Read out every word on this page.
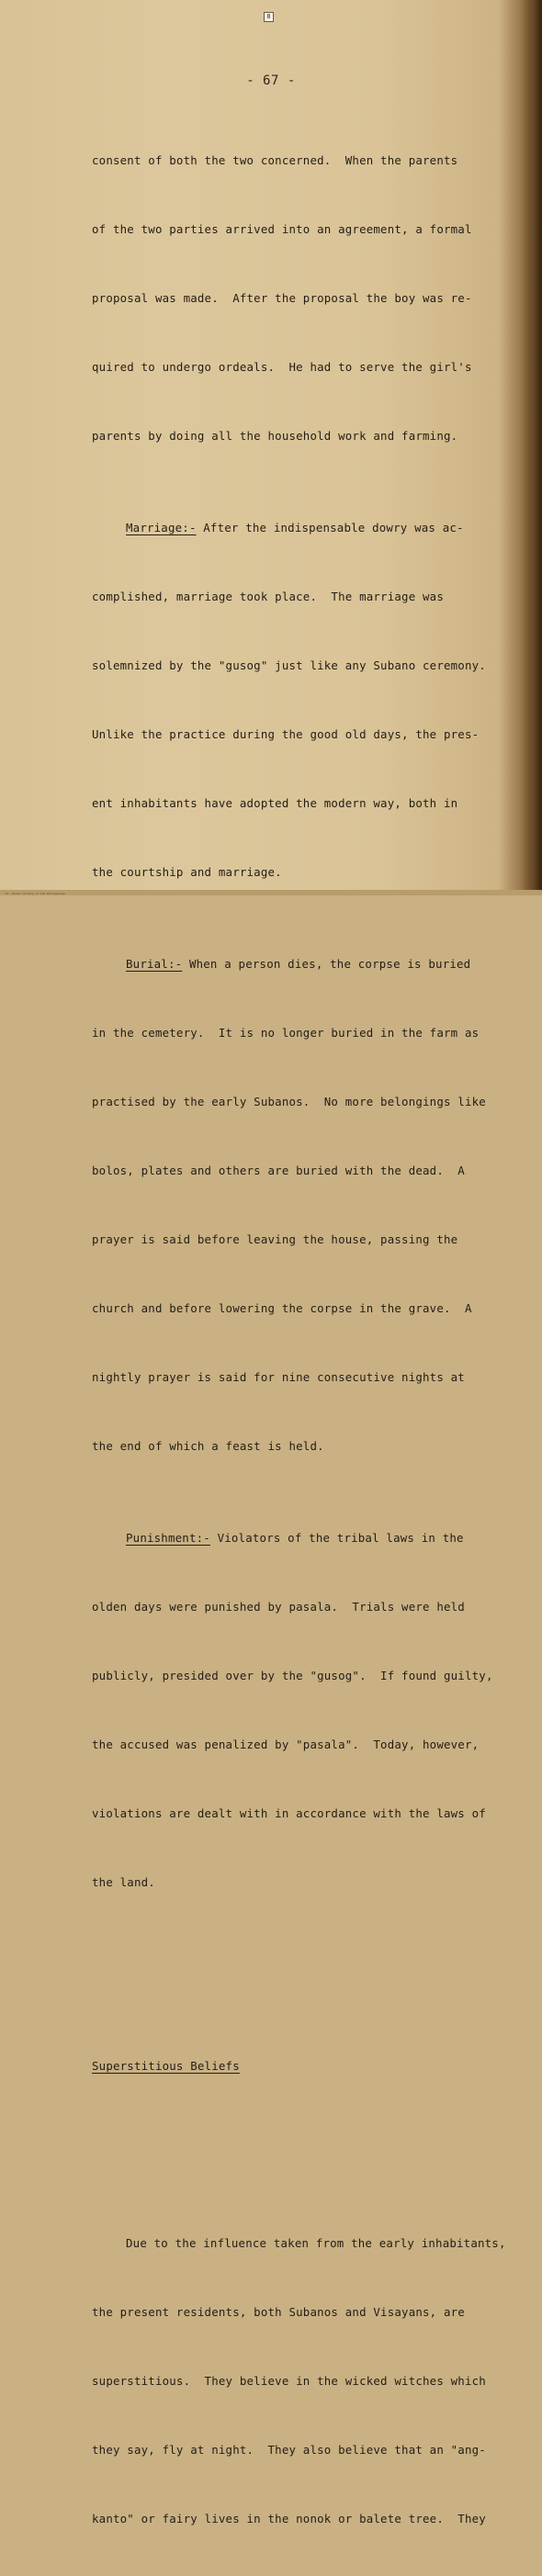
8
- 67 -

consent of both the two concerned.  When the parents

of the two parties arrived into an agreement, a formal

proposal was made.  After the proposal the boy was re-

quired to undergo ordeals.  He had to serve the girl's

parents by doing all the household work and farming.

Marriage:- After the indispensable dowry was ac-

complished, marriage took place.  The marriage was

solemnized by the "gusog" just like any Subano ceremony.

Unlike the practice during the good old days, the pres-

ent inhabitants have adopted the modern way, both in

the courtship and marriage.

Burial:- When a person dies, the corpse is buried

in the cemetery.  It is no longer buried in the farm as

practised by the early Subanos.  No more belongings like

bolos, plates and others are buried with the dead.  A

prayer is said before leaving the house, passing the

church and before lowering the corpse in the grave.  A

nightly prayer is said for nine consecutive nights at

the end of which a feast is held.

Punishment:- Violators of the tribal laws in the

olden days were punished by pasala.  Trials were held

publicly, presided over by the "gusog".  If found guilty,

the accused was penalized by "pasala".  Today, however,

violations are dealt with in accordance with the laws of

the land.

Superstitious Beliefs

Due to the influence taken from the early inhabitants,

the present residents, both Subanos and Visayans, are

superstitious.  They believe in the wicked witches which

they say, fly at night.  They also believe that an "ang-

kanto" or fairy lives in the nonok or balete tree.  They

Dr. Rizal Library of the Philippines
